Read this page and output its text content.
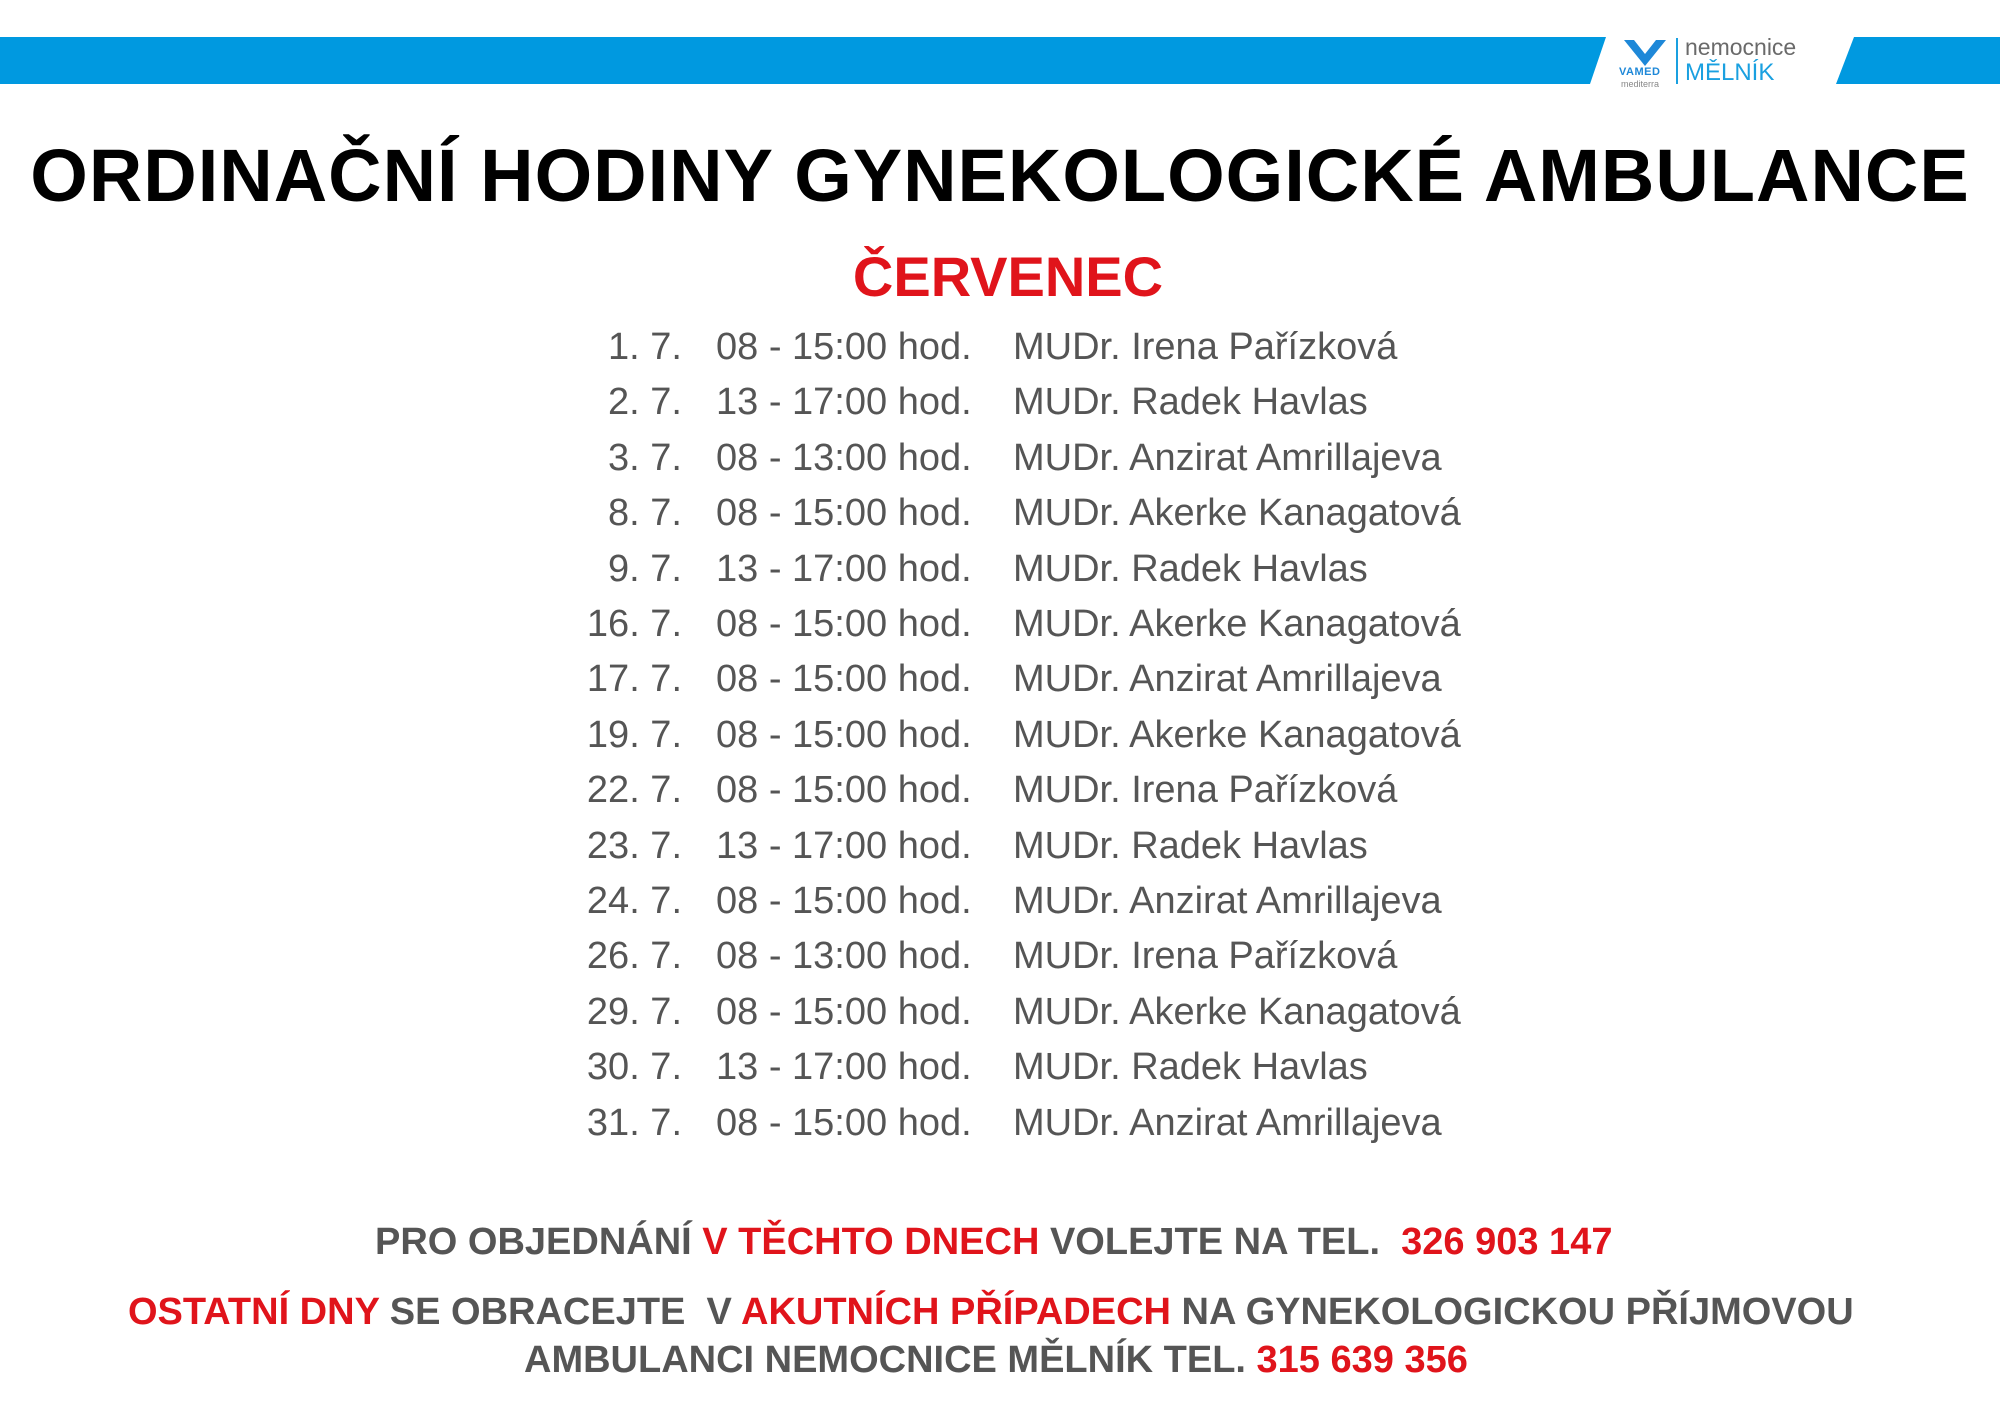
VAMED
mediterra
nemocnice
MĚLNÍK
ORDINAČNÍ HODINY GYNEKOLOGICKÉ AMBULANCE
ČERVENEC
1. 7. 08 - 15:00 hod. MUDr. Irena Pařízková
2. 7. 13 - 17:00 hod. MUDr. Radek Havlas
3. 7. 08 - 13:00 hod. MUDr. Anzirat Amrillajeva
8. 7. 08 - 15:00 hod. MUDr. Akerke Kanagatová
9. 7. 13 - 17:00 hod. MUDr. Radek Havlas
16. 7. 08 - 15:00 hod. MUDr. Akerke Kanagatová
17. 7. 08 - 15:00 hod. MUDr. Anzirat Amrillajeva
19. 7. 08 - 15:00 hod. MUDr. Akerke Kanagatová
22. 7. 08 - 15:00 hod. MUDr. Irena Pařízková
23. 7. 13 - 17:00 hod. MUDr. Radek Havlas
24. 7. 08 - 15:00 hod. MUDr. Anzirat Amrillajeva
26. 7. 08 - 13:00 hod. MUDr. Irena Pařízková
29. 7. 08 - 15:00 hod. MUDr. Akerke Kanagatová
30. 7. 13 - 17:00 hod. MUDr. Radek Havlas
31. 7. 08 - 15:00 hod. MUDr. Anzirat Amrillajeva
PRO OBJEDNÁNÍ V TĚCHTO DNECH VOLEJTE NA TEL.  326 903 147
OSTATNÍ DNY SE OBRACEJTE  V AKUTNÍCH PŘÍPADECH NA GYNEKOLOGICKOU PŘÍJMOVOU
AMBULANCI NEMOCNICE MĚLNÍK TEL. 315 639 356
